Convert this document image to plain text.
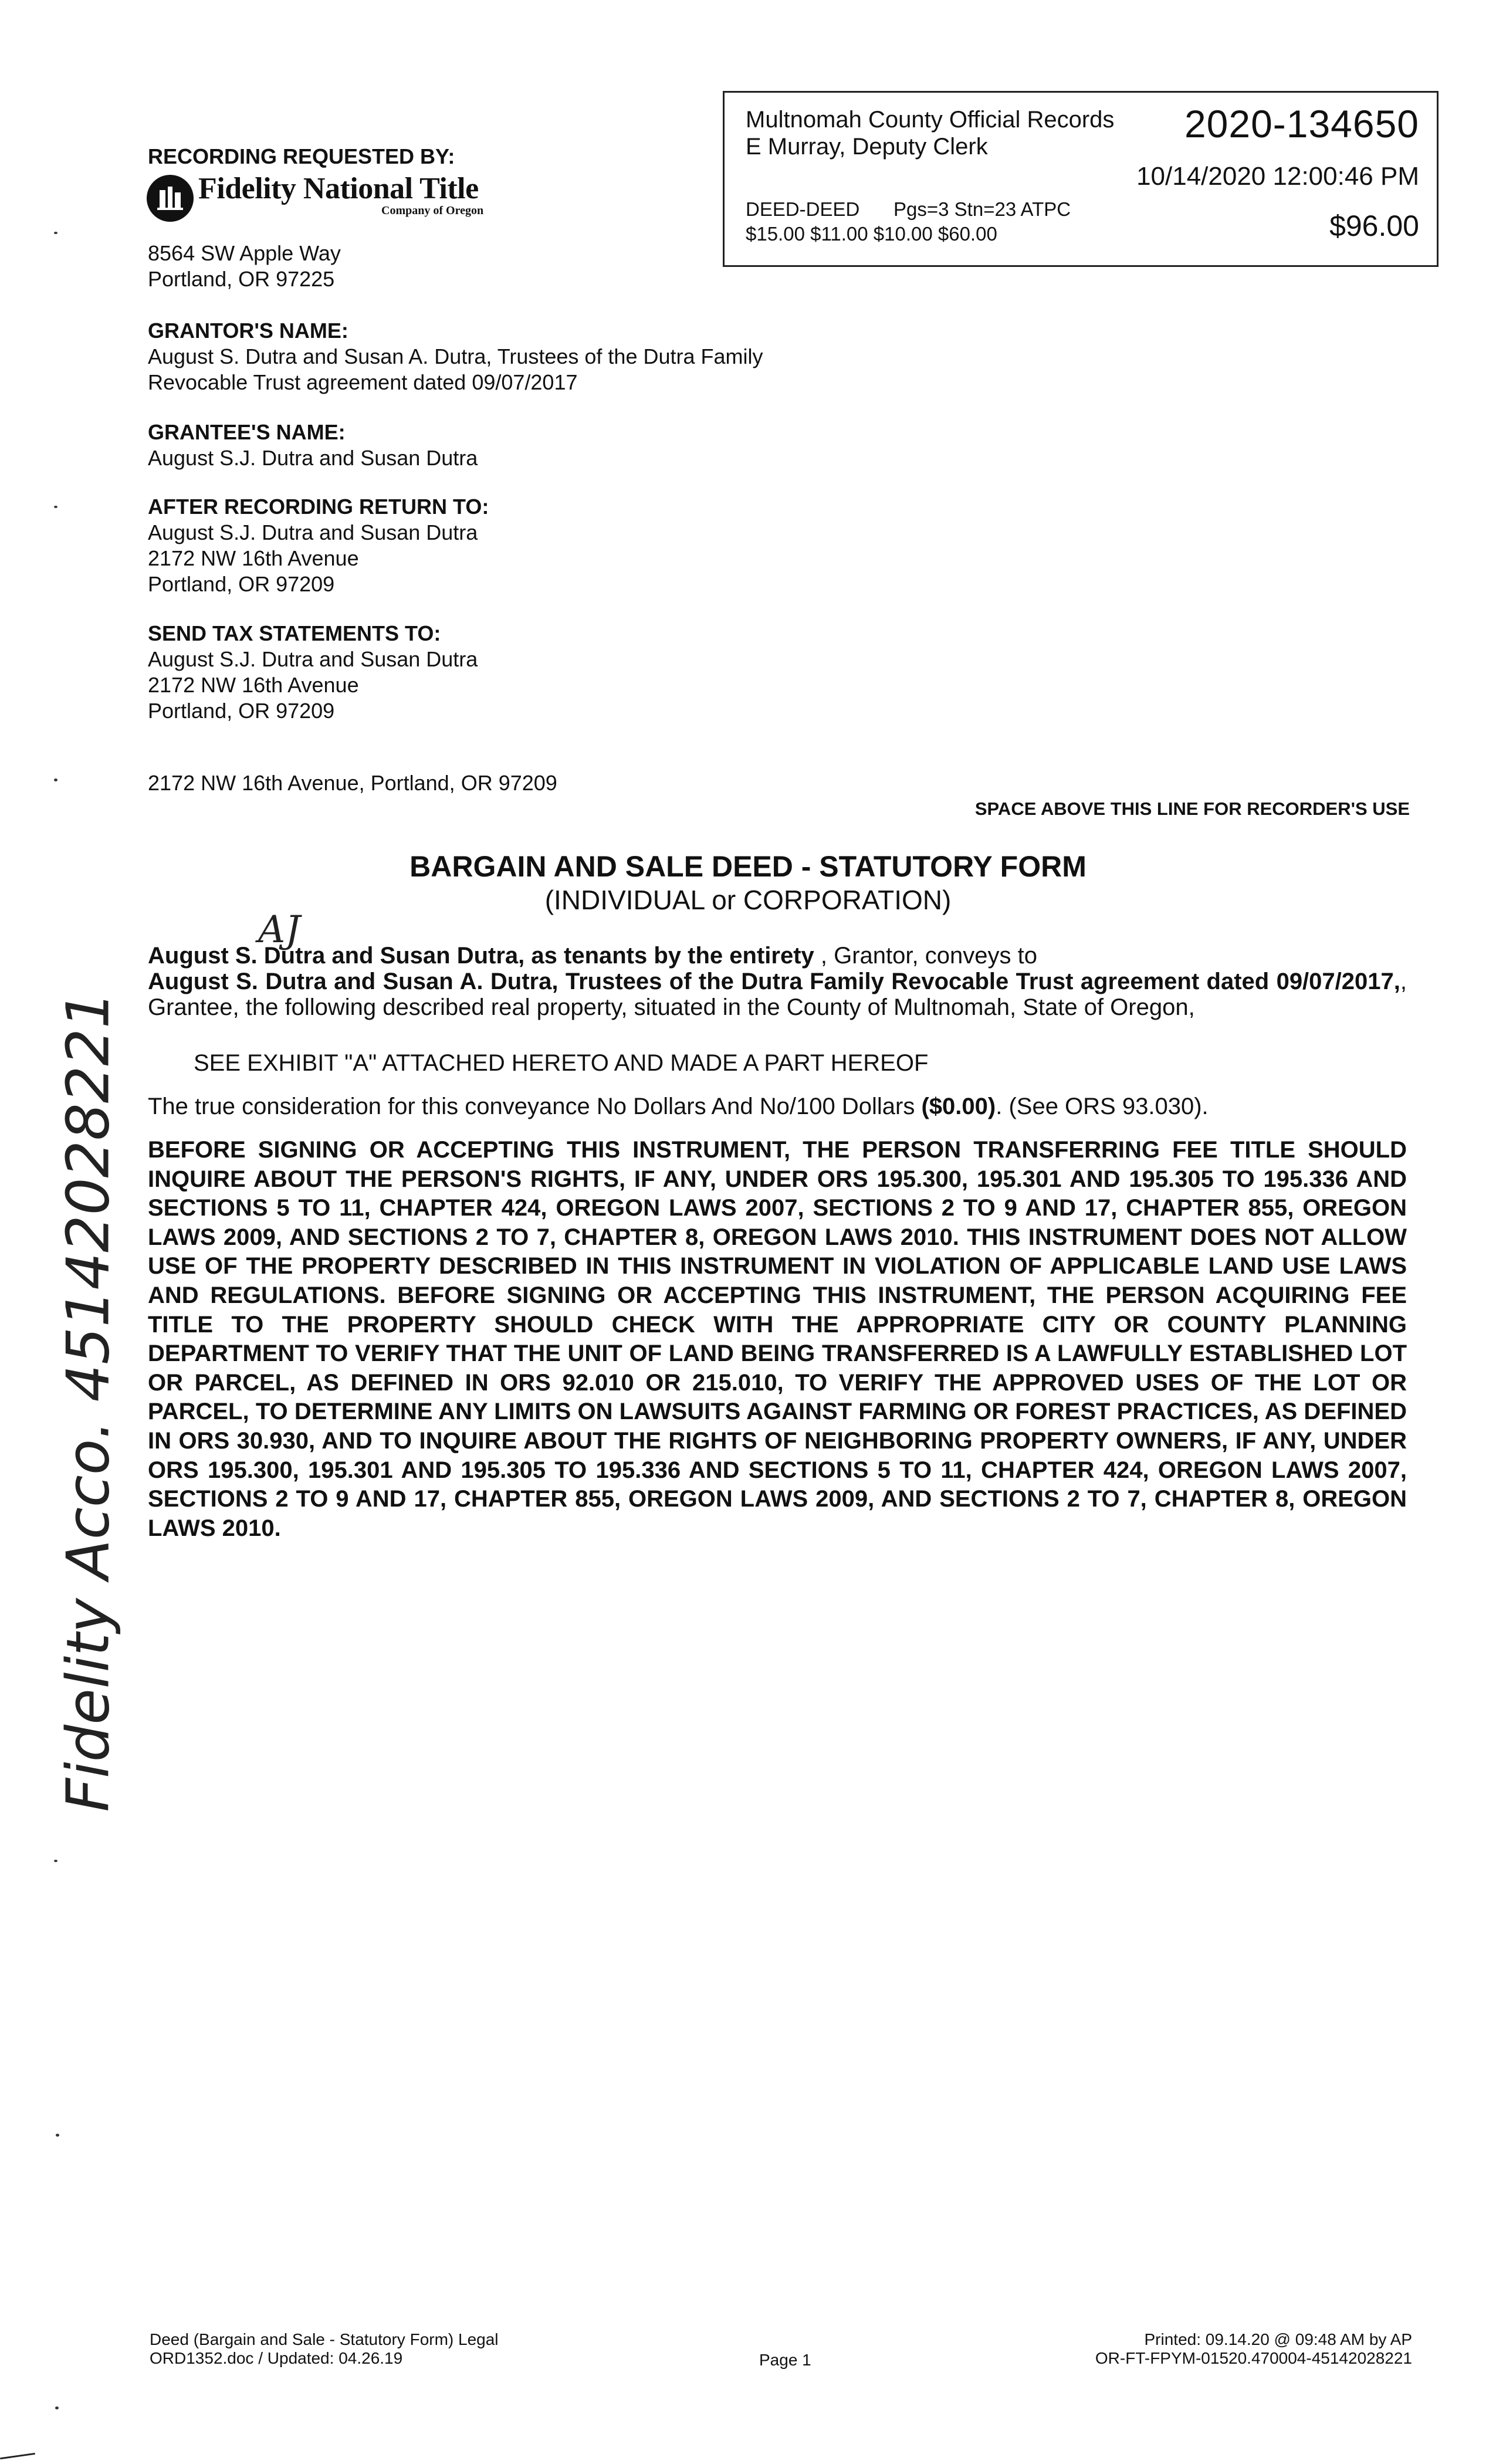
Multnomah County Official Records
E Murray, Deputy Clerk
2020-134650
10/14/2020 12:00:46 PM
DEED-DEED Pgs=3 Stn=23 ATPC
$15.00 $11.00 $10.00 $60.00	$96.00
RECORDING REQUESTED BY:
Fidelity National Title
Company of Oregon
8564 SW Apple Way
Portland, OR 97225
GRANTOR'S NAME:
August S. Dutra and Susan A. Dutra, Trustees of the Dutra Family
Revocable Trust agreement dated 09/07/2017
GRANTEE'S NAME:
August S.J. Dutra and Susan Dutra
AFTER RECORDING RETURN TO:
August S.J. Dutra and Susan Dutra
2172 NW 16th Avenue
Portland, OR 97209
SEND TAX STATEMENTS TO:
August S.J. Dutra and Susan Dutra
2172 NW 16th Avenue
Portland, OR 97209
2172 NW 16th Avenue, Portland, OR 97209
SPACE ABOVE THIS LINE FOR RECORDER'S USE
BARGAIN AND SALE DEED - STATUTORY FORM
(INDIVIDUAL or CORPORATION)
AJ
August S. Dutra and Susan Dutra, as tenants by the entirety , Grantor, conveys to
August S. Dutra and Susan A. Dutra, Trustees of the Dutra Family Revocable Trust agreement dated 09/07/2017,, Grantee, the following described real property, situated in the County of Multnomah, State of Oregon,
SEE EXHIBIT "A" ATTACHED HERETO AND MADE A PART HEREOF
The true consideration for this conveyance No Dollars And No/100 Dollars ($0.00). (See ORS 93.030).
BEFORE SIGNING OR ACCEPTING THIS INSTRUMENT, THE PERSON TRANSFERRING FEE TITLE SHOULD INQUIRE ABOUT THE PERSON'S RIGHTS, IF ANY, UNDER ORS 195.300, 195.301 AND 195.305 TO 195.336 AND SECTIONS 5 TO 11, CHAPTER 424, OREGON LAWS 2007, SECTIONS 2 TO 9 AND 17, CHAPTER 855, OREGON LAWS 2009, AND SECTIONS 2 TO 7, CHAPTER 8, OREGON LAWS 2010. THIS INSTRUMENT DOES NOT ALLOW USE OF THE PROPERTY DESCRIBED IN THIS INSTRUMENT IN VIOLATION OF APPLICABLE LAND USE LAWS AND REGULATIONS. BEFORE SIGNING OR ACCEPTING THIS INSTRUMENT, THE PERSON ACQUIRING FEE TITLE TO THE PROPERTY SHOULD CHECK WITH THE APPROPRIATE CITY OR COUNTY PLANNING DEPARTMENT TO VERIFY THAT THE UNIT OF LAND BEING TRANSFERRED IS A LAWFULLY ESTABLISHED LOT OR PARCEL, AS DEFINED IN ORS 92.010 OR 215.010, TO VERIFY THE APPROVED USES OF THE LOT OR PARCEL, TO DETERMINE ANY LIMITS ON LAWSUITS AGAINST FARMING OR FOREST PRACTICES, AS DEFINED IN ORS 30.930, AND TO INQUIRE ABOUT THE RIGHTS OF NEIGHBORING PROPERTY OWNERS, IF ANY, UNDER ORS 195.300, 195.301 AND 195.305 TO 195.336 AND SECTIONS 5 TO 11, CHAPTER 424, OREGON LAWS 2007, SECTIONS 2 TO 9 AND 17, CHAPTER 855, OREGON LAWS 2009, AND SECTIONS 2 TO 7, CHAPTER 8, OREGON LAWS 2010.
Fidelity Acco. 45142028221
Deed (Bargain and Sale - Statutory Form) Legal
ORD1352.doc / Updated: 04.26.19	Page 1
Printed: 09.14.20 @ 09:48 AM by AP
OR-FT-FPYM-01520.470004-45142028221
